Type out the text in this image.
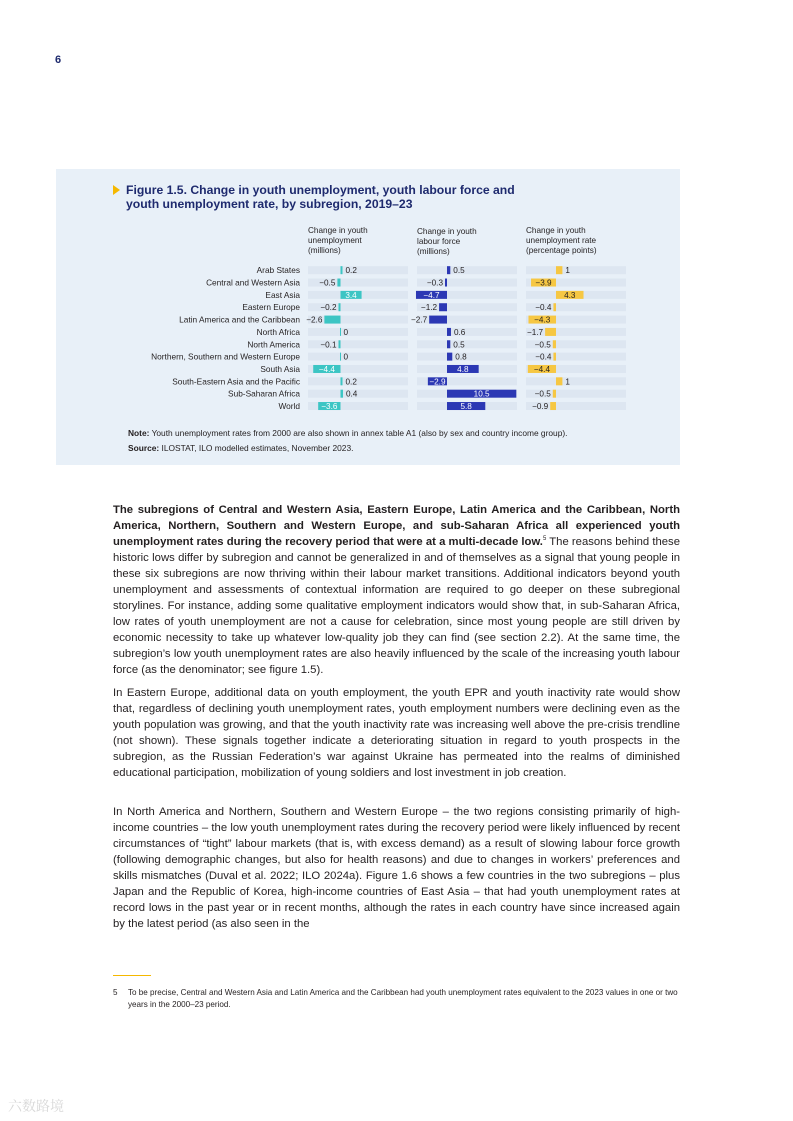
6
Figure 1.5. Change in youth unemployment, youth labour force and
youth unemployment rate, by subregion, 2019–23
Change in youth
unemployment
(millions)
Change in youth
labour force
(millions)
Change in youth
unemployment rate
(percentage points)
Arab States
Central and Western Asia
East Asia
Eastern Europe
Latin America and the Caribbean
North Africa
North America
Northern, Southern and Western Europe
South Asia
South-Eastern Asia and the Pacific
Sub-Saharan Africa
World
0.2
−0.5
3.4
−0.2
−2.6
0
−0.1
0
−4.4
0.2
0.4
−3.6
0.5
−0.3
−4.7
−1.2
−2.7
0.6
0.5
0.8
4.8
−2.9
10.5
5.8
1
−3.9
4.3
−0.4
−4.3
−1.7
−0.5
−0.4
−4.4
1
−0.5
−0.9
Note: Youth unemployment rates from 2000 are also shown in annex table A1 (also by sex and country income group).
Source: ILOSTAT, ILO modelled estimates, November 2023.
The subregions of Central and Western Asia, Eastern Europe, Latin America and the Caribbean, North America, Northern, Southern and Western Europe, and sub-Saharan Africa all experienced youth unemployment rates during the recovery period that were at a multi-decade low.$^5$ The reasons behind these historic lows differ by subregion and cannot be generalized in and of themselves as a signal that young people in these six subregions are now thriving within their labour market transitions. Additional indicators beyond youth unemployment and assessments of contextual information are required to go deeper on these subregional storylines. For instance, adding some qualitative employment indicators would show that, in sub-Saharan Africa, low rates of youth unemployment are not a cause for celebration, since most young people are still driven by economic necessity to take up whatever low-quality job they can find (see section 2.2). At the same time, the subregion’s low youth unemployment rates are also heavily influenced by the scale of the increasing youth labour force (as the denominator; see figure 1.5).
In Eastern Europe, additional data on youth employment, the youth EPR and youth inactivity rate would show that, regardless of declining youth unemployment rates, youth employment numbers were declining even as the youth population was growing, and that the youth inactivity rate was increasing well above the pre-crisis trendline (not shown). These signals together indicate a deteriorating situation in regard to youth prospects in the subregion, as the Russian Federation’s war against Ukraine has permeated into the realms of diminished educational participation, mobilization of young soldiers and lost investment in job creation.
In North America and Northern, Southern and Western Europe – the two regions consisting primarily of high-income countries – the low youth unemployment rates during the recovery period were likely influenced by recent circumstances of “tight” labour markets (that is, with excess demand) as a result of slowing labour force growth (following demographic changes, but also for health reasons) and due to changes in workers’ preferences and skills mismatches (Duval et al. 2022; ILO 2024a). Figure 1.6 shows a few countries in the two subregions – plus Japan and the Republic of Korea, high-income countries of East Asia – that had youth unemployment rates at record lows in the past year or in recent months, although the rates in each country have since increased again by the latest period (as also seen in the
5 To be precise, Central and Western Asia and Latin America and the Caribbean had youth unemployment rates equivalent to the 2023 values in one or two years in the 2000–23 period.
六数路境
